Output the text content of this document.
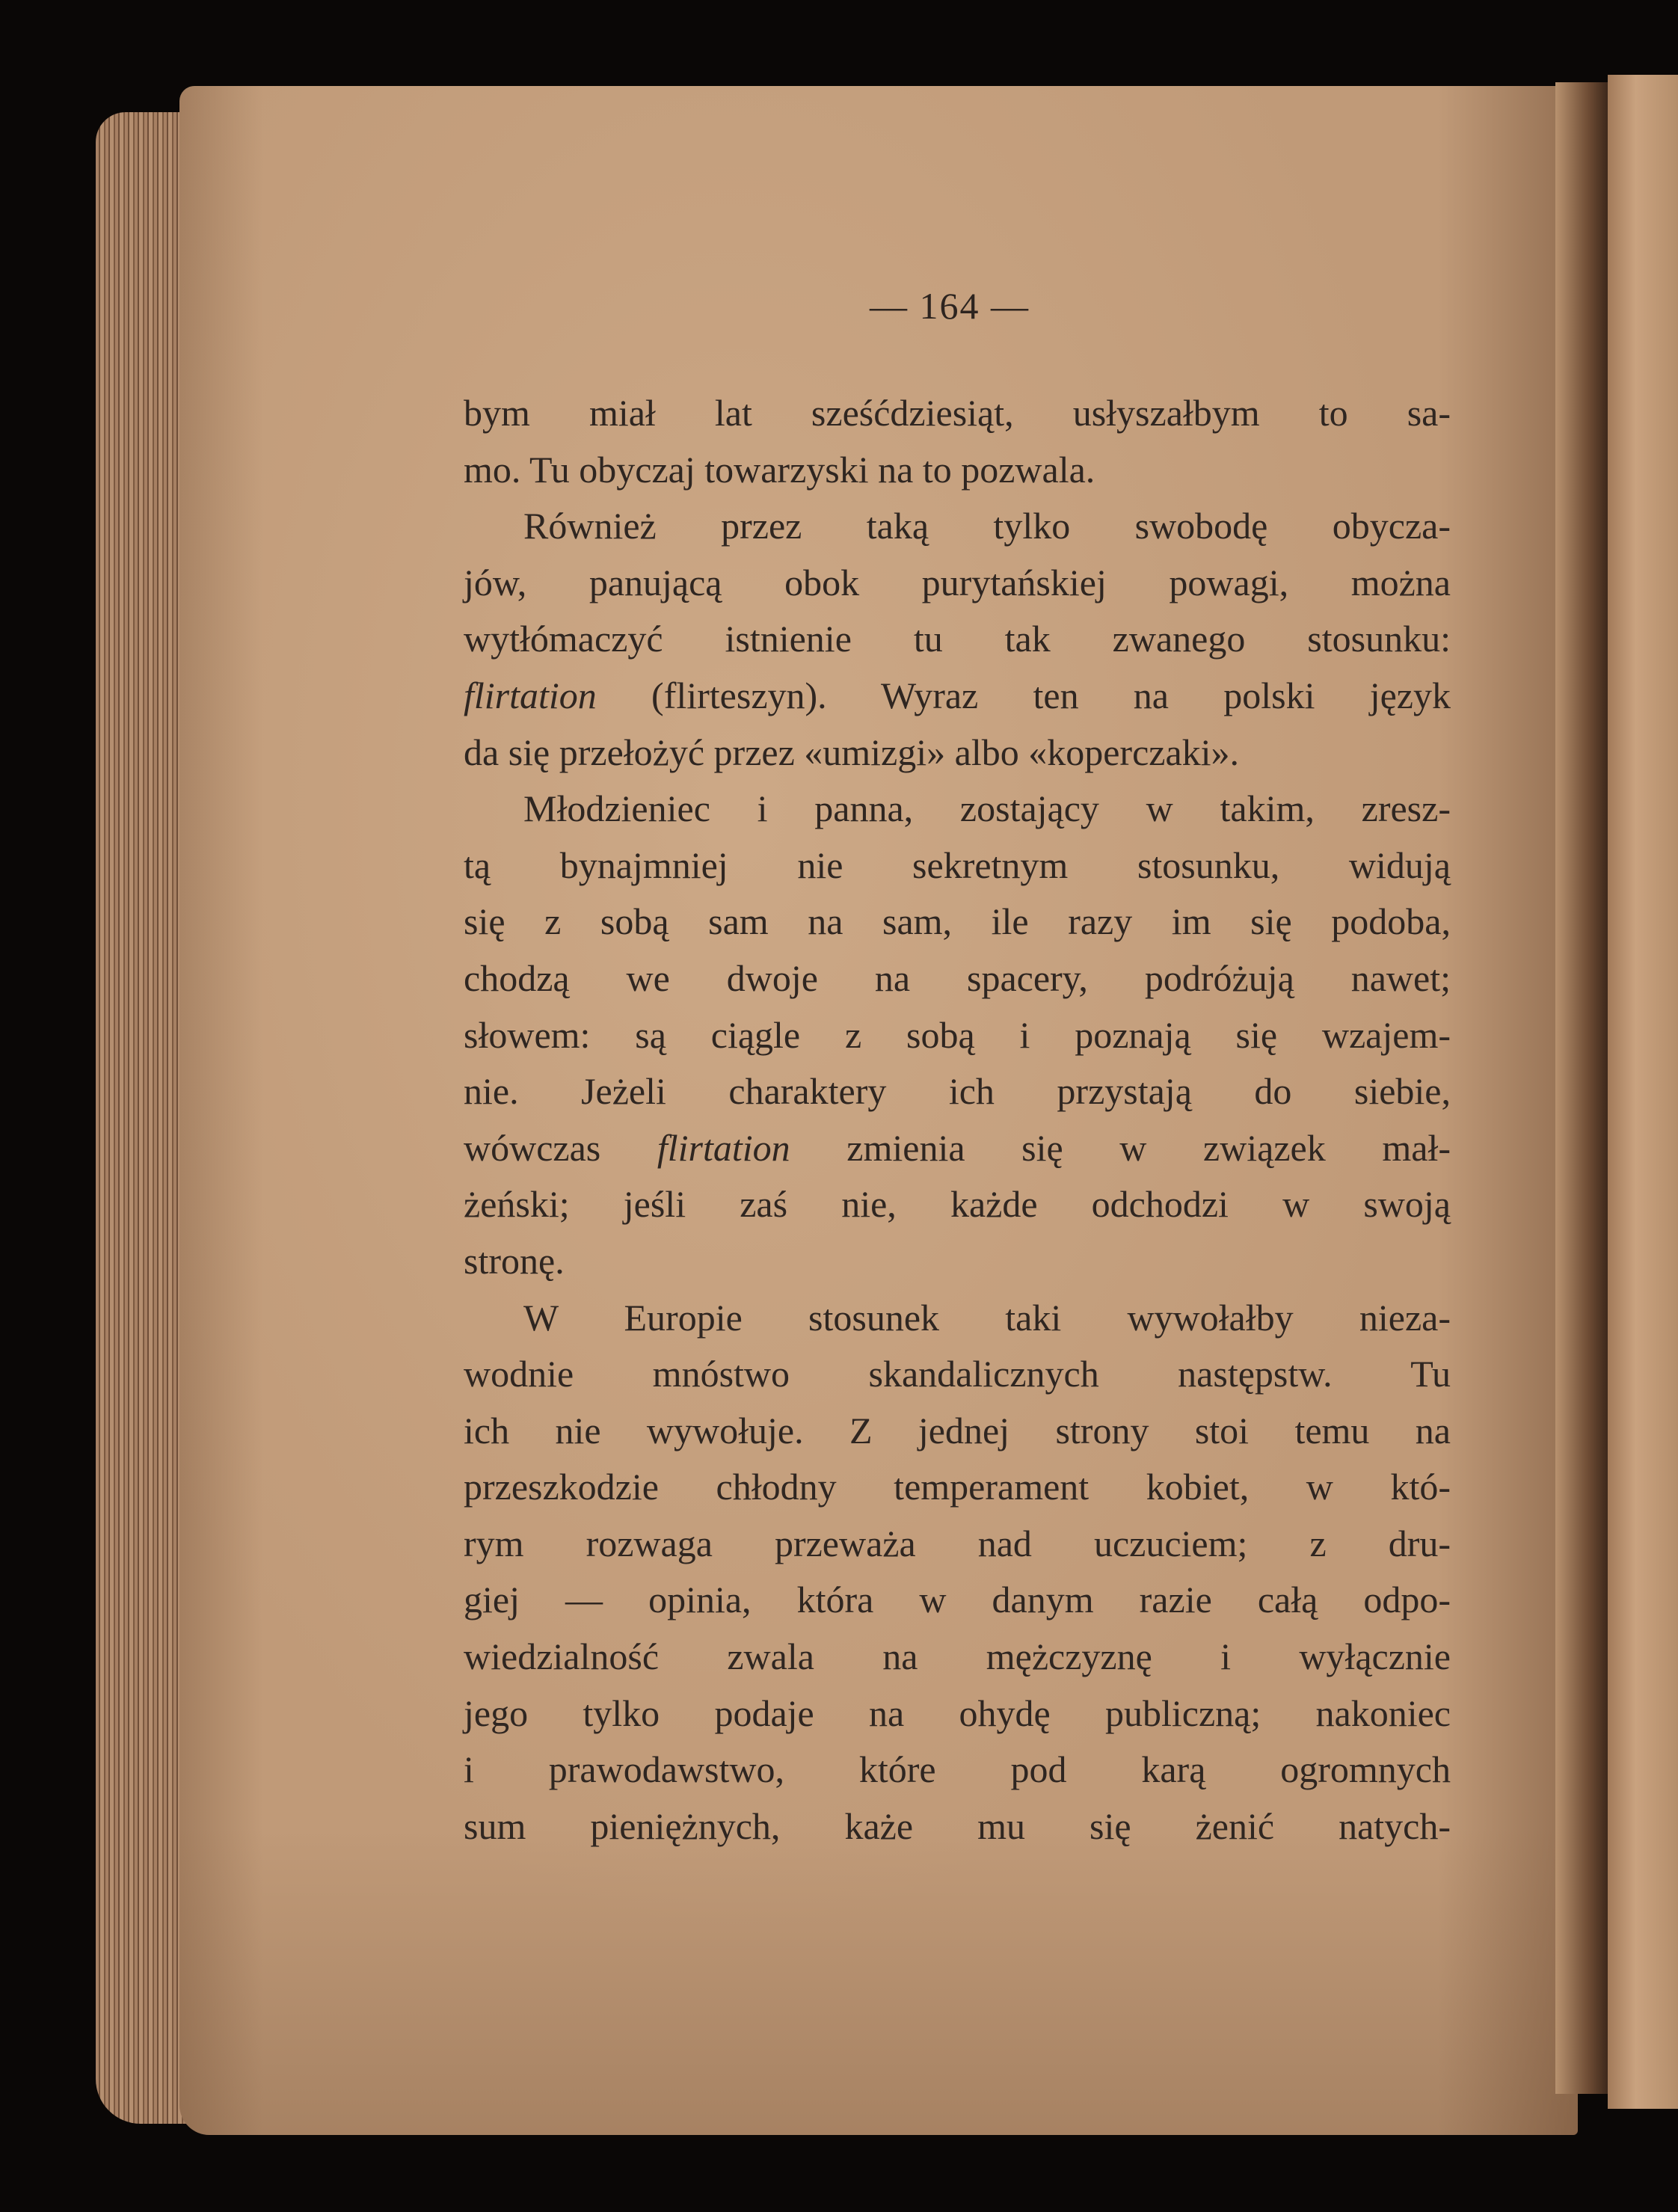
— 164 —
bym miał lat sześćdziesiąt, usłyszałbym to sa-
mo. Tu obyczaj towarzyski na to pozwala.
Również przez taką tylko swobodę obycza-
jów, panującą obok purytańskiej powagi, można
wytłómaczyć istnienie tu tak zwanego stosunku:
flirtation (flirteszyn). Wyraz ten na polski język
da się przełożyć przez «umizgi» albo «koperczaki».
Młodzieniec i panna, zostający w takim, zresz-
tą bynajmniej nie sekretnym stosunku, widują
się z sobą sam na sam, ile razy im się podoba,
chodzą we dwoje na spacery, podróżują nawet;
słowem: są ciągle z sobą i poznają się wzajem-
nie. Jeżeli charaktery ich przystają do siebie,
wówczas flirtation zmienia się w związek mał-
żeński; jeśli zaś nie, każde odchodzi w swoją
stronę.
W Europie stosunek taki wywołałby nieza-
wodnie mnóstwo skandalicznych następstw. Tu
ich nie wywołuje. Z jednej strony stoi temu na
przeszkodzie chłodny temperament kobiet, w któ-
rym rozwaga przeważa nad uczuciem; z dru-
giej — opinia, która w danym razie całą odpo-
wiedzialność zwala na mężczyznę i wyłącznie
jego tylko podaje na ohydę publiczną; nakoniec
i prawodawstwo, które pod karą ogromnych
sum pieniężnych, każe mu się żenić natych-
